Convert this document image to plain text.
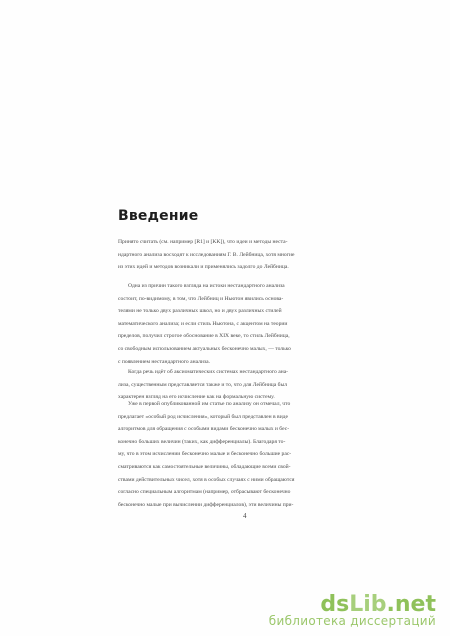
Введение
Принято считать (см. например [R1] и [KK]), что идеи и методы неста-
ндартного анализа восходят к исследованиям Г. В. Лейбница, хотя многие
из этих идей и методов возникали и применялись задолго до Лейбница.
Одна из причин такого взгляда на истоки нестандартного анализа
состоит, по-видимому, в том, что Лейбниц и Ньютон явились основа-
телями не только двух различных школ, но и двух различных стилей
математического анализа; и если стиль Ньютона, с акцентом на теории
пределов, получил строгое обоснование в XIX веке, то стиль Лейбница,
со свободным использованием актуальных бесконечно малых, — только
с появлением нестандартного анализа.
Когда речь идёт об аксиоматических системах нестандартного ана-
лиза, существенным представляется также и то, что для Лейбница был
характерен взгляд на его исчисление как на формальную систему.
Уже в первой опубликованной им статье по анализу он отмечал, что
предлагает «особый род исчисления», который был представлен в виде
алгоритмов для обращения с особыми видами бесконечно малых и бес-
конечно больших величин (таких, как дифференциалы). Благодаря то-
му, что в этом исчислении бесконечно малые и бесконечно большие рас-
сматриваются как самостоятельные величины, обладающие всеми свой-
ствами действительных чисел, хотя в особых случаях с ними обращаются
согласно специальным алгоритмам (например, отбрасывают бесконечно
бесконечно малые при вычислении дифференциалов), эти величины при-
4
ds Lib .net
библиотека диссертаций
